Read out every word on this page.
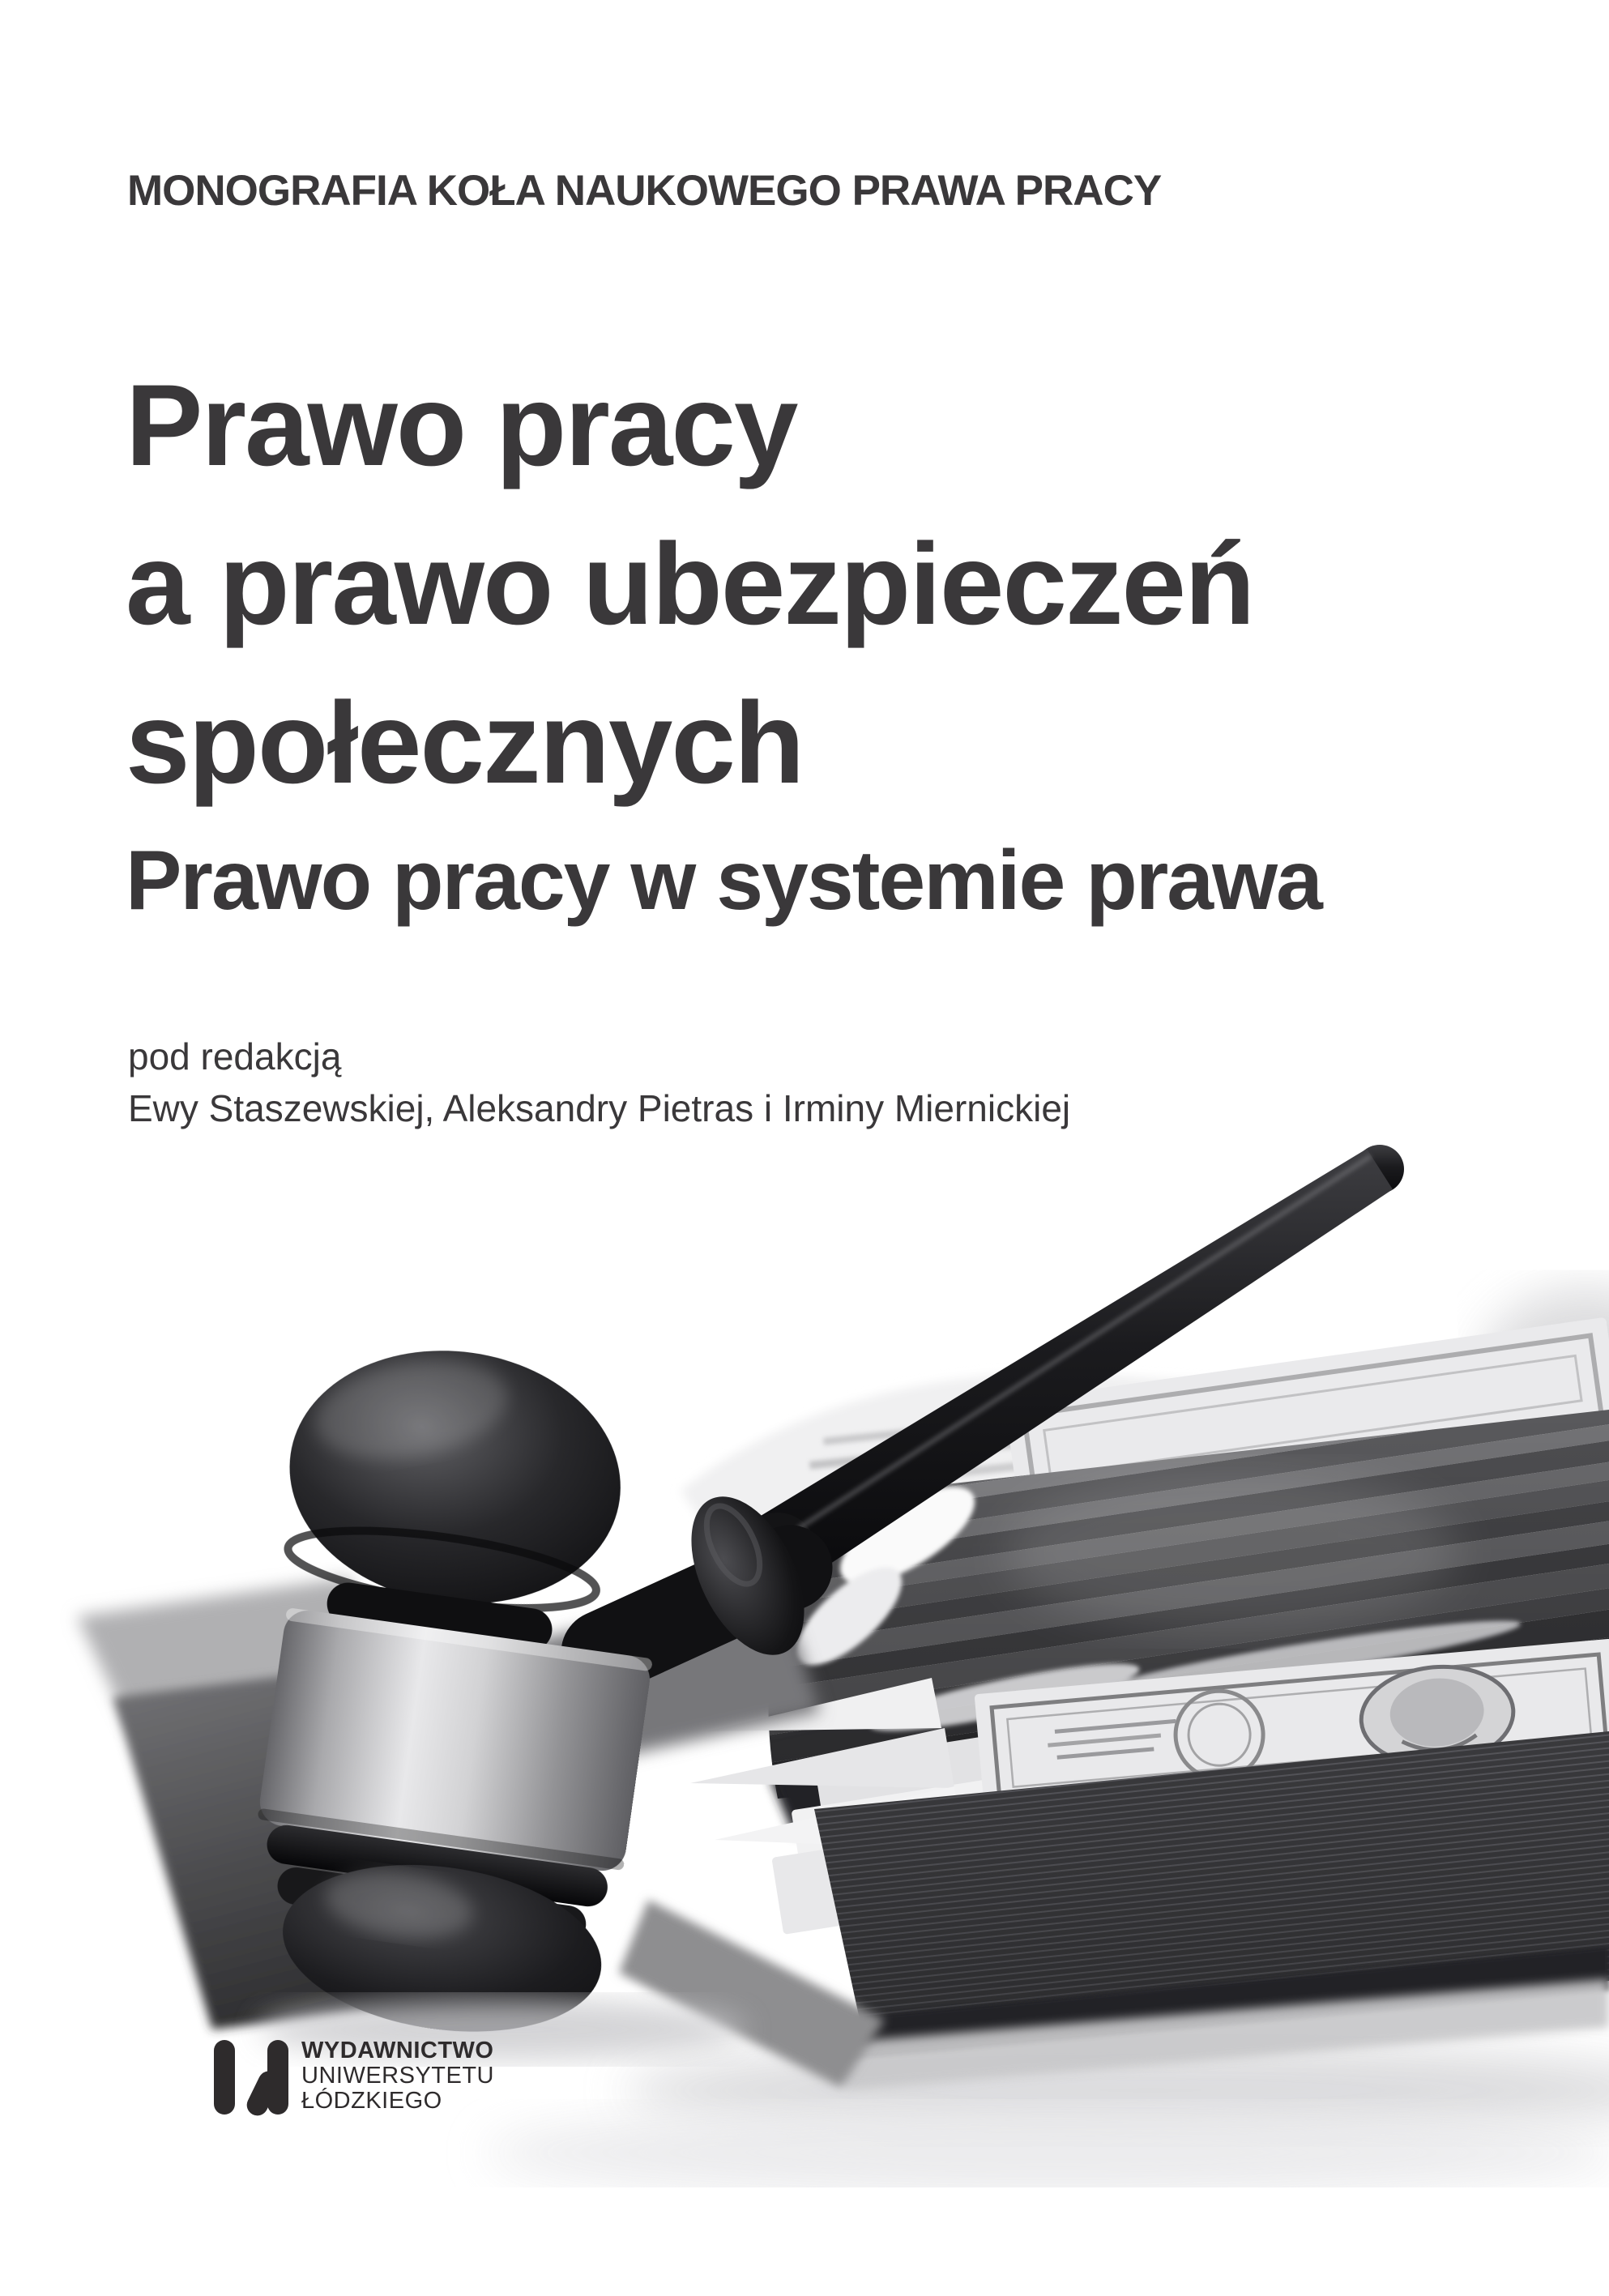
MONOGRAFIA KOŁA NAUKOWEGO PRAWA PRACY
Prawo pracy
a prawo ubezpieczeń
społecznych
Prawo pracy w systemie prawa
pod redakcją
Ewy Staszewskiej, Aleksandry Pietras i Irminy Miernickiej
WYDAWNICTWO
UNIWERSYTETU
ŁÓDZKIEGO
